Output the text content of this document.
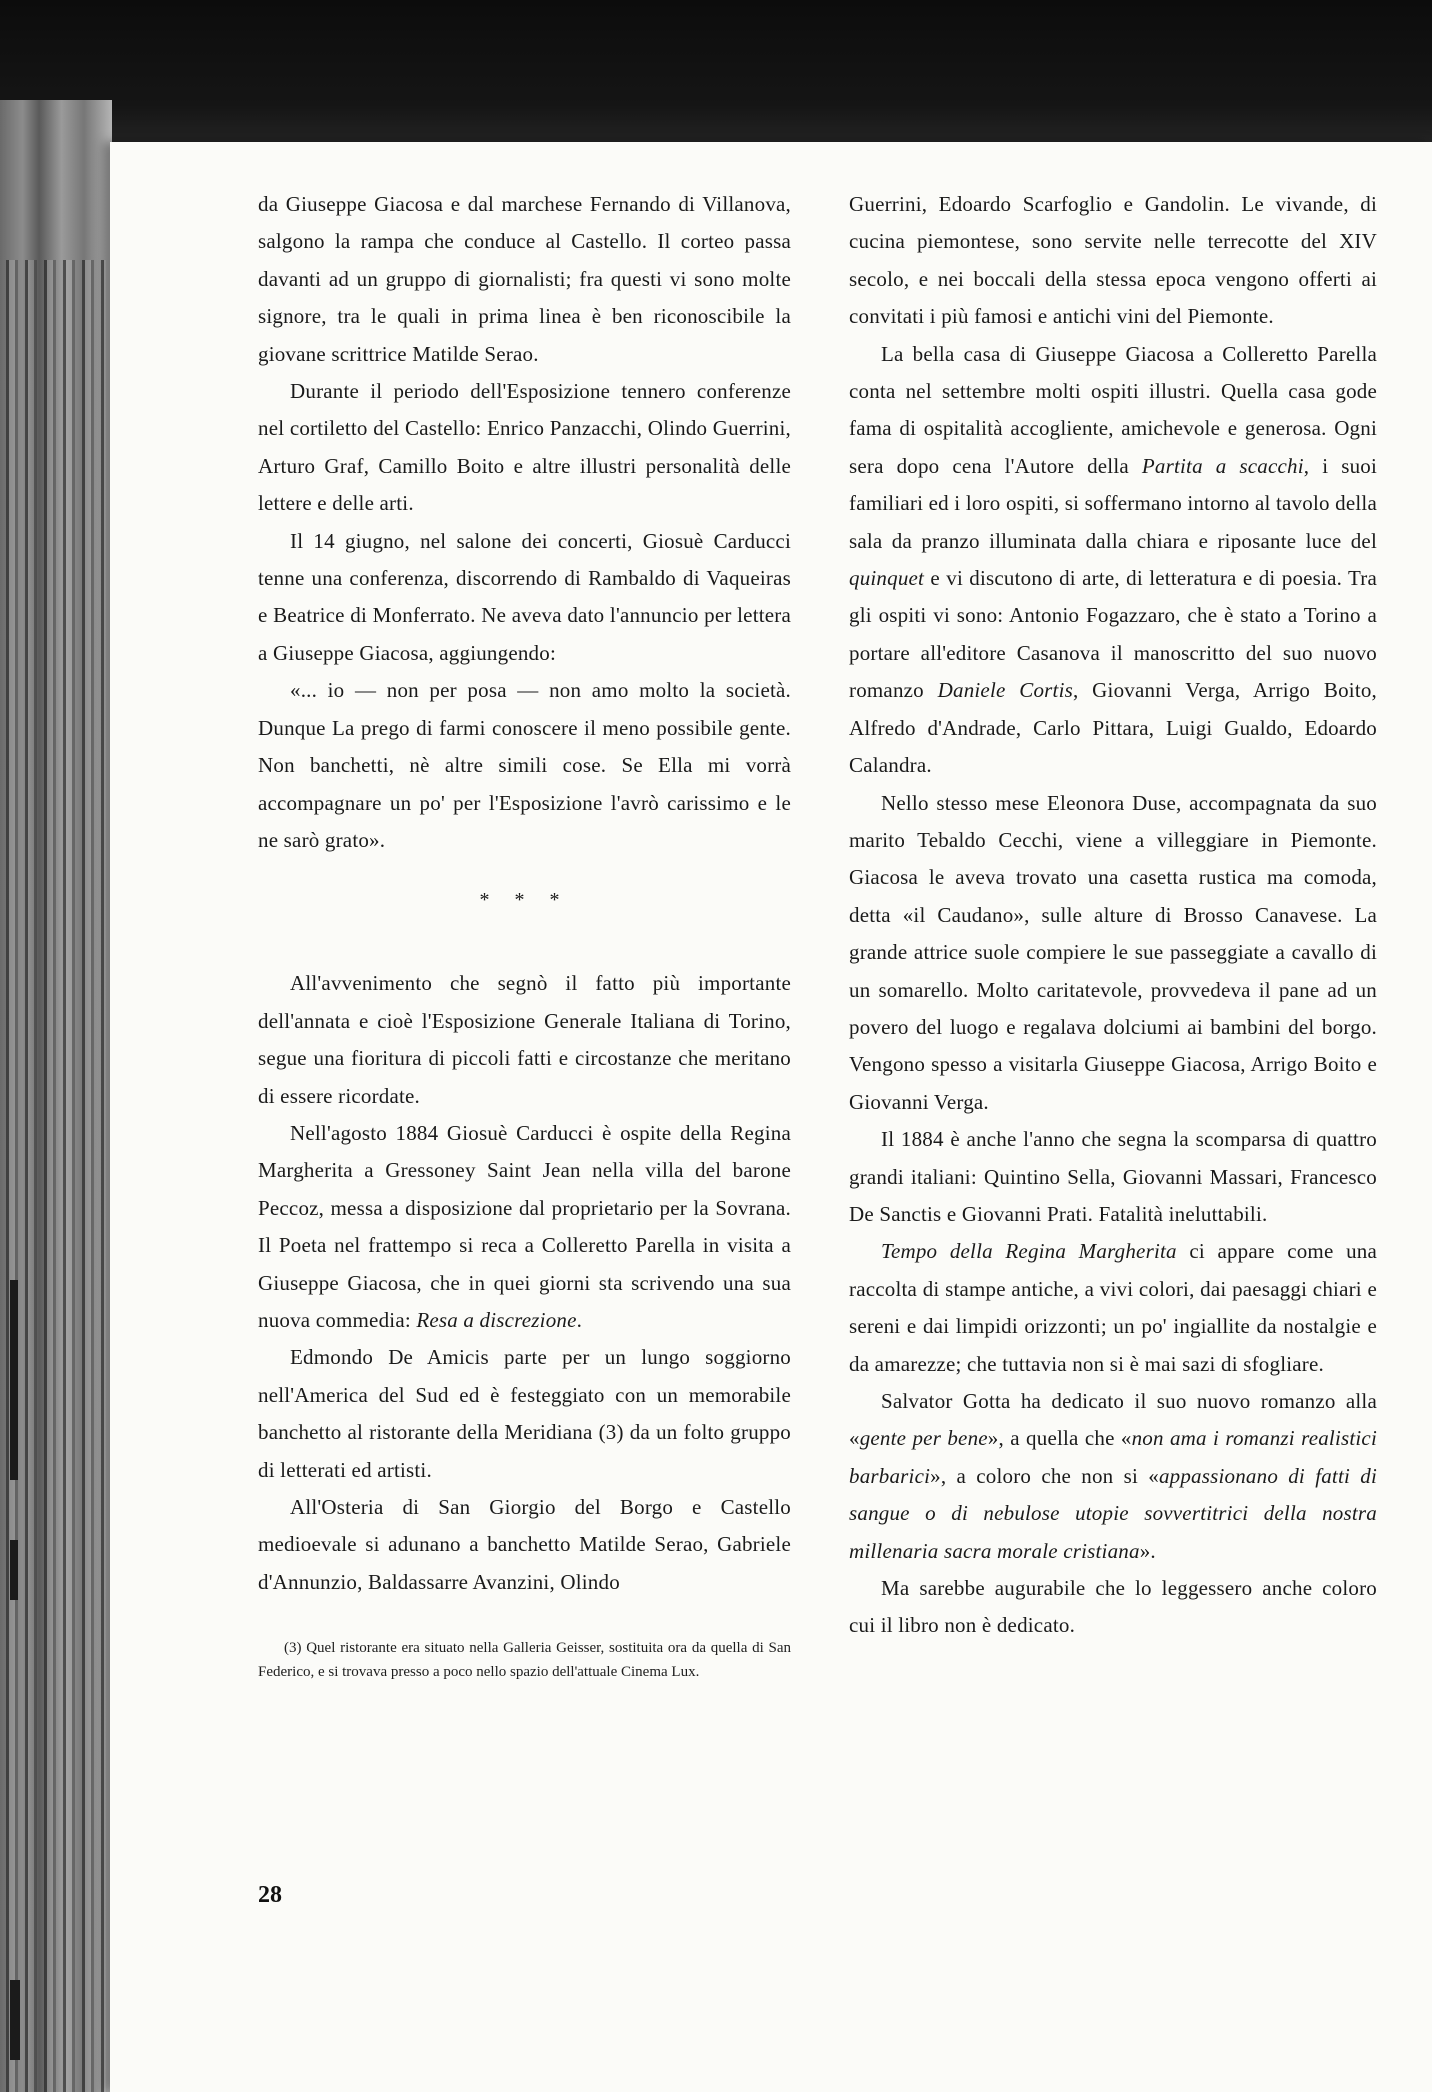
da Giuseppe Giacosa e dal marchese Fernando di Villanova, salgono la rampa che conduce al Castello. Il corteo passa davanti ad un gruppo di giornalisti; fra questi vi sono molte signore, tra le quali in prima linea è ben riconoscibile la giovane scrittrice Matilde Serao.

Durante il periodo dell'Esposizione tennero conferenze nel cortiletto del Castello: Enrico Panzacchi, Olindo Guerrini, Arturo Graf, Camillo Boito e altre illustri personalità delle lettere e delle arti.

Il 14 giugno, nel salone dei concerti, Giosuè Carducci tenne una conferenza, discorrendo di Rambaldo di Vaqueiras e Beatrice di Monferrato. Ne aveva dato l'annuncio per lettera a Giuseppe Giacosa, aggiungendo:

«... io — non per posa — non amo molto la società. Dunque La prego di farmi conoscere il meno possibile gente. Non banchetti, nè altre simili cose. Se Ella mi vorrà accompagnare un po' per l'Esposizione l'avrò carissimo e le ne sarò grato».

* * *

All'avvenimento che segnò il fatto più importante dell'annata e cioè l'Esposizione Generale Italiana di Torino, segue una fioritura di piccoli fatti e circostanze che meritano di essere ricordate.

Nell'agosto 1884 Giosuè Carducci è ospite della Regina Margherita a Gressoney Saint Jean nella villa del barone Peccoz, messa a disposizione dal proprietario per la Sovrana. Il Poeta nel frattempo si reca a Colleretto Parella in visita a Giuseppe Giacosa, che in quei giorni sta scrivendo una sua nuova commedia: Resa a discrezione.

Edmondo De Amicis parte per un lungo soggiorno nell'America del Sud ed è festeggiato con un memorabile banchetto al ristorante della Meridiana (3) da un folto gruppo di letterati ed artisti.

All'Osteria di San Giorgio del Borgo e Castello medioevale si adunano a banchetto Matilde Serao, Gabriele d'Annunzio, Baldassarre Avanzini, Olindo

(3) Quel ristorante era situato nella Galleria Geisser, sostituita ora da quella di San Federico, e si trovava presso a poco nello spazio dell'attuale Cinema Lux.

Guerrini, Edoardo Scarfoglio e Gandolin. Le vivande, di cucina piemontese, sono servite nelle terrecotte del XIV secolo, e nei boccali della stessa epoca vengono offerti ai convitati i più famosi e antichi vini del Piemonte.

La bella casa di Giuseppe Giacosa a Colleretto Parella conta nel settembre molti ospiti illustri. Quella casa gode fama di ospitalità accogliente, amichevole e generosa. Ogni sera dopo cena l'Autore della Partita a scacchi, i suoi familiari ed i loro ospiti, si soffermano intorno al tavolo della sala da pranzo illuminata dalla chiara e riposante luce del quinquet e vi discutono di arte, di letteratura e di poesia. Tra gli ospiti vi sono: Antonio Fogazzaro, che è stato a Torino a portare all'editore Casanova il manoscritto del suo nuovo romanzo Daniele Cortis, Giovanni Verga, Arrigo Boito, Alfredo d'Andrade, Carlo Pittara, Luigi Gualdo, Edoardo Calandra.

Nello stesso mese Eleonora Duse, accompagnata da suo marito Tebaldo Cecchi, viene a villeggiare in Piemonte. Giacosa le aveva trovato una casetta rustica ma comoda, detta «il Caudano», sulle alture di Brosso Canavese. La grande attrice suole compiere le sue passeggiate a cavallo di un somarello. Molto caritatevole, provvedeva il pane ad un povero del luogo e regalava dolciumi ai bambini del borgo. Vengono spesso a visitarla Giuseppe Giacosa, Arrigo Boito e Giovanni Verga.

Il 1884 è anche l'anno che segna la scomparsa di quattro grandi italiani: Quintino Sella, Giovanni Massari, Francesco De Sanctis e Giovanni Prati. Fatalità ineluttabili.

Tempo della Regina Margherita ci appare come una raccolta di stampe antiche, a vivi colori, dai paesaggi chiari e sereni e dai limpidi orizzonti; un po' ingiallite da nostalgie e da amarezze; che tuttavia non si è mai sazi di sfogliare.

Salvator Gotta ha dedicato il suo nuovo romanzo alla «gente per bene», a quella che «non ama i romanzi realistici barbarici», a coloro che non si «appassionano di fatti di sangue o di nebulose utopie sovvertitrici della nostra millenaria sacra morale cristiana».

Ma sarebbe augurabile che lo leggessero anche coloro cui il libro non è dedicato.

28
